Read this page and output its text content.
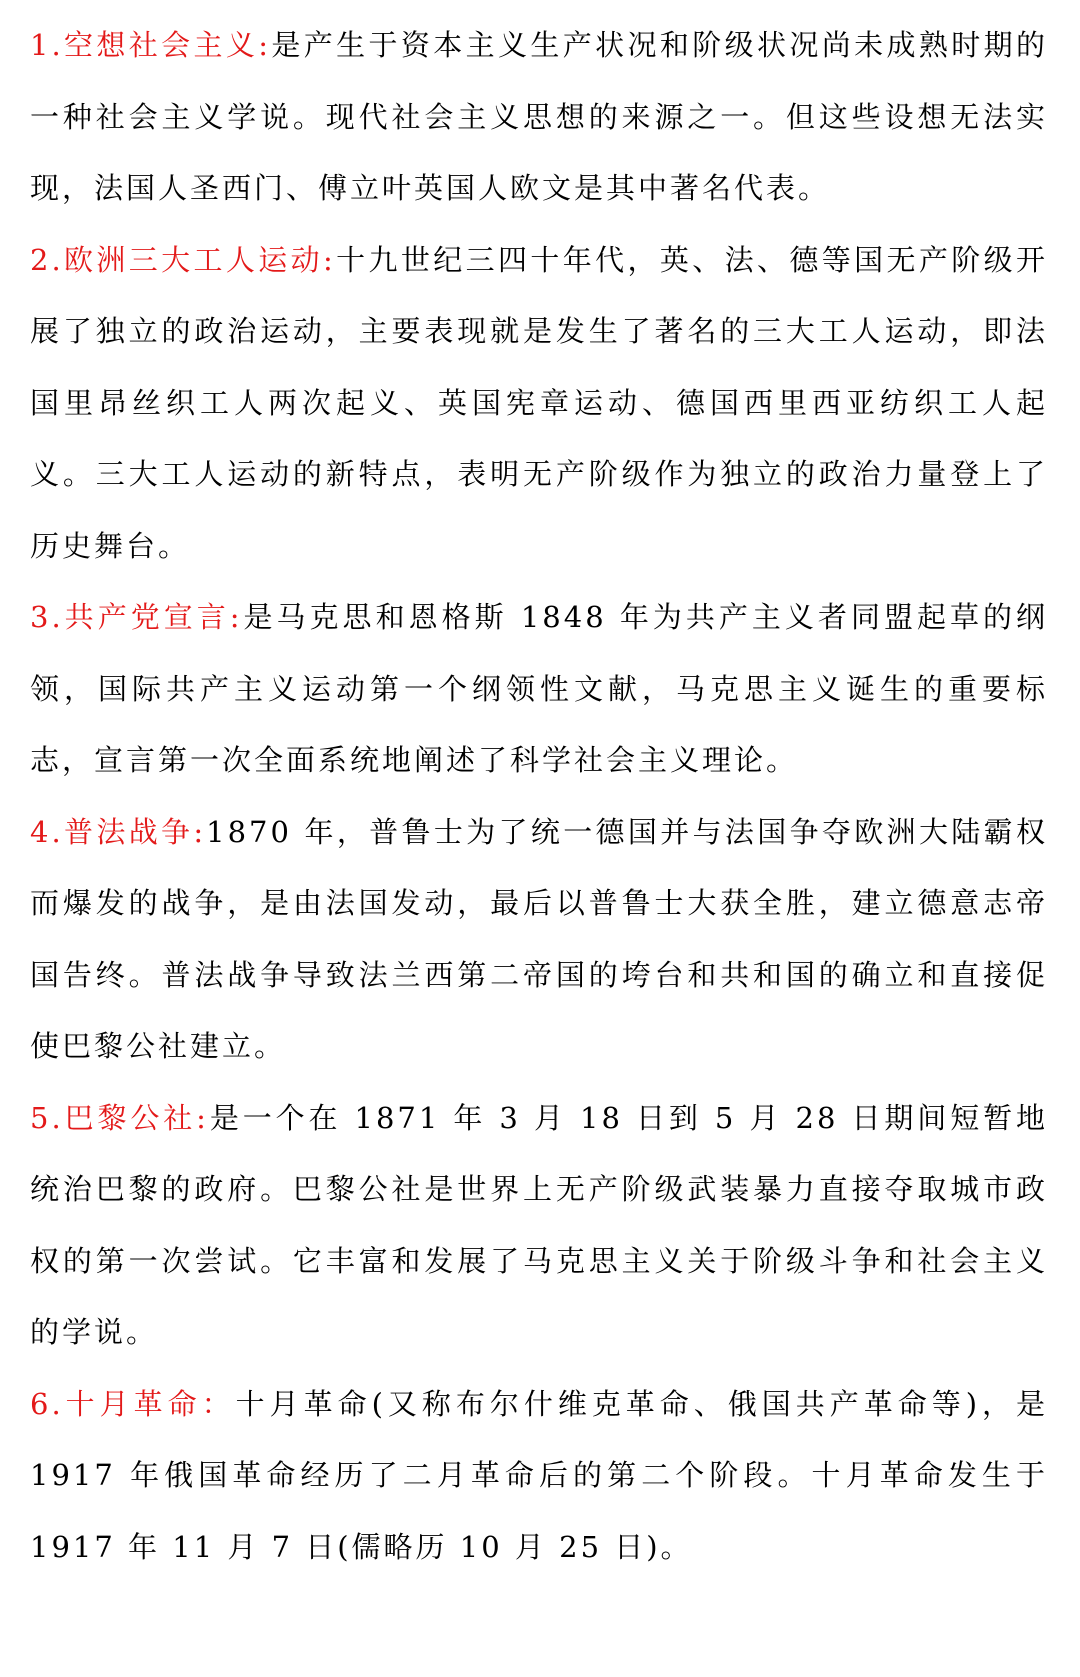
1.空想社会主义:是产生于资本主义生产状况和阶级状况尚未成熟时期的一种社会主义学说。现代社会主义思想的来源之一。但这些设想无法实现，法国人圣西门、傅立叶英国人欧文是其中著名代表。

2.欧洲三大工人运动:十九世纪三四十年代，英、法、德等国无产阶级开展了独立的政治运动，主要表现就是发生了著名的三大工人运动，即法国里昂丝织工人两次起义、英国宪章运动、德国西里西亚纺织工人起义。三大工人运动的新特点，表明无产阶级作为独立的政治力量登上了历史舞台。

3.共产党宣言:是马克思和恩格斯 1848 年为共产主义者同盟起草的纲领，国际共产主义运动第一个纲领性文献，马克思主义诞生的重要标志，宣言第一次全面系统地阐述了科学社会主义理论。

4.普法战争:1870 年，普鲁士为了统一德国并与法国争夺欧洲大陆霸权而爆发的战争，是由法国发动，最后以普鲁士大获全胜，建立德意志帝国告终。普法战争导致法兰西第二帝国的垮台和共和国的确立和直接促使巴黎公社建立。

5.巴黎公社:是一个在 1871 年 3 月 18 日到 5 月 28 日期间短暂地统治巴黎的政府。巴黎公社是世界上无产阶级武装暴力直接夺取城市政权的第一次尝试。它丰富和发展了马克思主义关于阶级斗争和社会主义的学说。

6.十月革命：十月革命(又称布尔什维克革命、俄国共产革命等)，是 1917 年俄国革命经历了二月革命后的第二个阶段。十月革命发生于 1917 年 11 月 7 日(儒略历 10 月 25 日)。
